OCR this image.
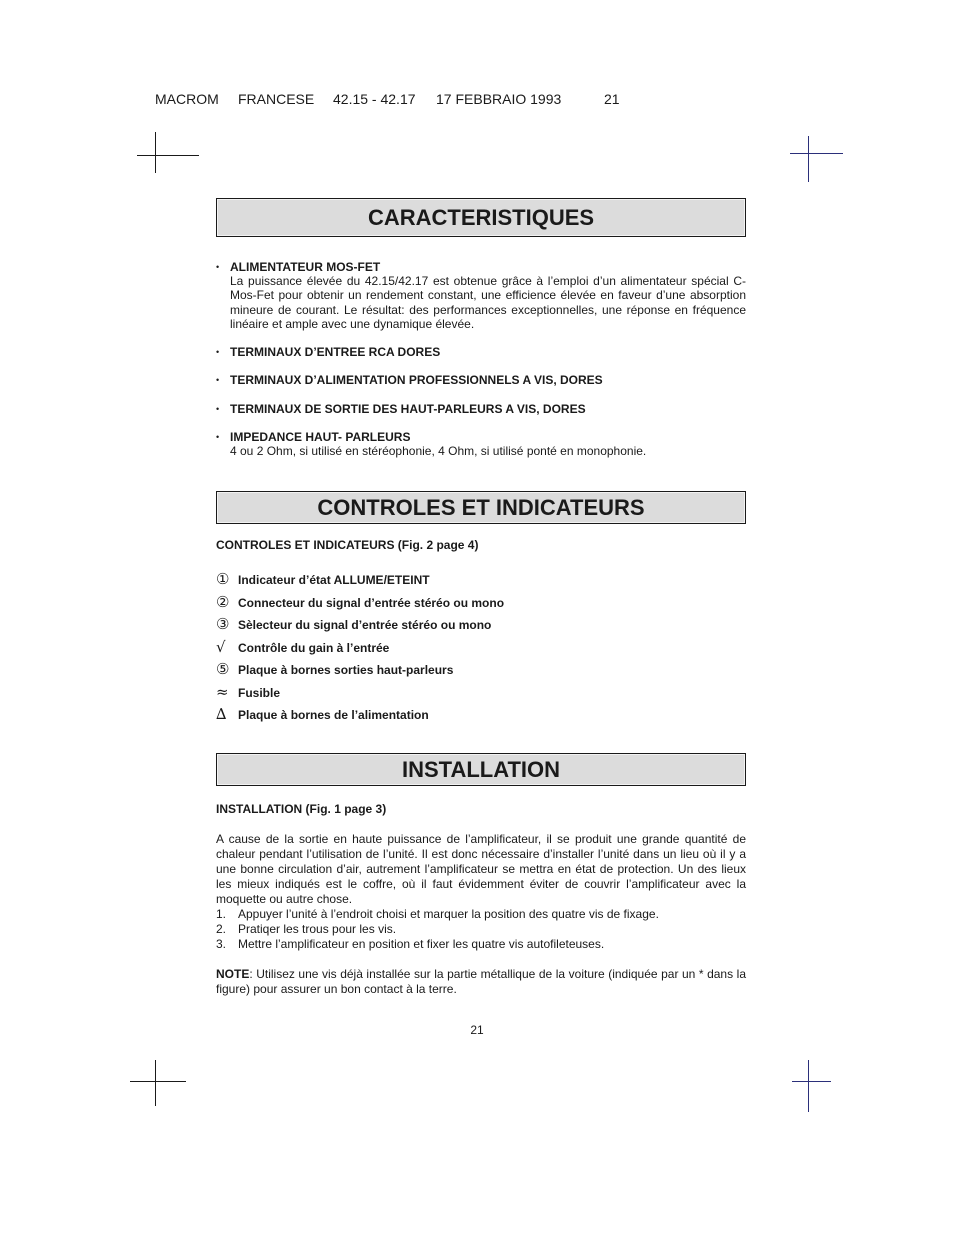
MACROM FRANCESE 42.15 - 42.17 17 FEBBRAIO 1993	21
CARACTERISTIQUES
• ALIMENTATEUR MOS-FET
La puissance élevée du 42.15/42.17 est obtenue grâce à l’emploi d’un alimentateur spécial C-Mos-Fet pour obtenir un rendement constant, une efficience élevée en faveur d’une absorption mineure de courant. Le résultat: des performances exceptionnelles, une réponse en fréquence linéaire et ample avec une dynamique élevée.
• TERMINAUX D’ENTREE RCA DORES
• TERMINAUX D’ALIMENTATION PROFESSIONNELS A VIS, DORES
• TERMINAUX DE SORTIE DES HAUT-PARLEURS A VIS, DORES
• IMPEDANCE HAUT- PARLEURS
4 ou 2 Ohm, si utilisé en stéréophonie, 4 Ohm, si utilisé ponté en monophonie.
CONTROLES ET INDICATEURS
CONTROLES ET INDICATEURS (Fig. 2 page 4)
① Indicateur d’état ALLUME/ETEINT
② Connecteur du signal d’entrée stéréo ou mono
③ Sèlecteur du signal d’entrée stéréo ou mono
√ Contrôle du gain à l’entrée
⑤ Plaque à bornes sorties haut-parleurs
≈ Fusible
∆ Plaque à bornes de l’alimentation
INSTALLATION
INSTALLATION (Fig. 1 page 3)
A cause de la sortie en haute puissance de l’amplificateur, il se produit une grande quantité de chaleur pendant l’utilisation de l’unité. Il est donc nécessaire d’installer l’unité dans un lieu où il y a une bonne circulation d’air, autrement l’amplificateur se mettra en état de protection. Un des lieux les mieux indiqués est le coffre, où il faut évidemment éviter de couvrir l’amplificateur avec la moquette ou autre chose.
1. Appuyer l’unité à l’endroit choisi et marquer la position des quatre vis de fixage.
2. Pratiqer les trous pour les vis.
3. Mettre l’amplificateur en position et fixer les quatre vis autofileteuses.
NOTE: Utilisez une vis déjà installée sur la partie métallique de la voiture (indiquée par un * dans la figure) pour assurer un bon contact à la terre.
21
